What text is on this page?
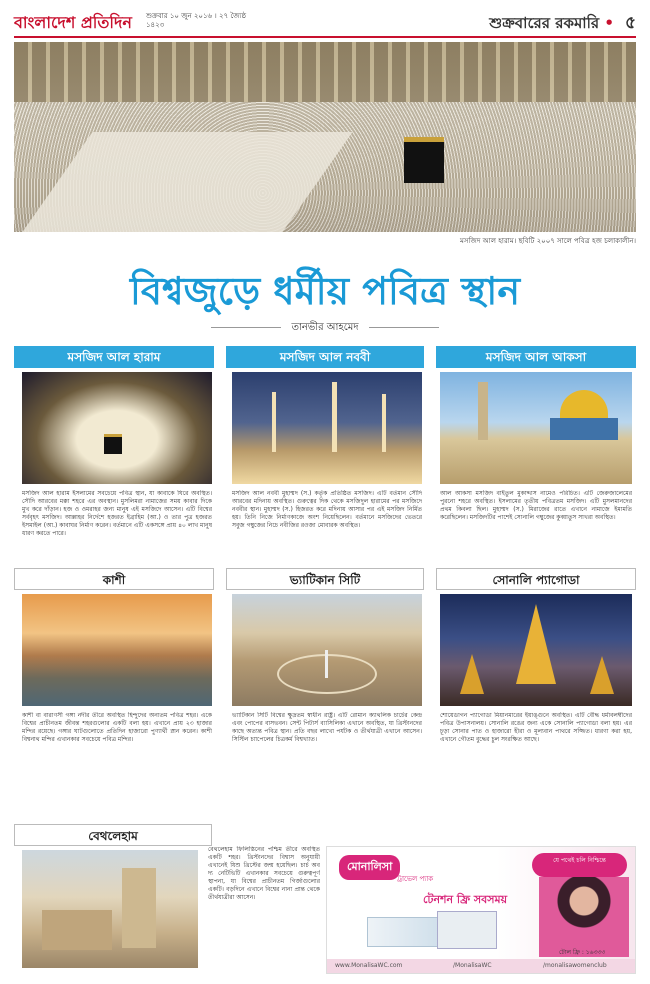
বাংলাদেশ প্রতিদিন শুক্রবার ১০ জুন ২০১৬ । ২৭ জ্যৈষ্ঠ ১৪২৩	শুক্রবারের রকমারি • ৫
মসজিদ আল হারাম। ছবিটি ২০০৭ সালে পবিত্র হজ চলাকালীন।
বিশ্বজুড়ে ধর্মীয় পবিত্র স্থান
তানভীর আহমেদ
মসজিদ আল হারাম
মসজিদ আল হারাম ইসলামের সবচেয়ে পবিত্র স্থান, যা কাবাকে ঘিরে অবস্থিত। সৌদি আরবের মক্কা শহরে এর অবস্থান। মুসলিমরা নামাজের সময় কাবার দিকে মুখ করে দাঁড়ান। হজ ও ওমরাহর জন্য মানুষ এই মসজিদে আসেন। এটি বিশ্বের সর্ববৃহৎ মসজিদ। আল্লাহর নির্দেশে হজরত ইব্রাহিম (আ.) ও তার পুত্র হজরত ইসমাইল (আ.) কাবাঘর নির্মাণ করেন। বর্তমানে এটি একসঙ্গে প্রায় ৪০ লাখ মানুষ ধারণ করতে পারে।
মসজিদ আল নববী
মসজিদ আল নববী মুহাম্মদ (স.) কর্তৃক প্রতিষ্ঠিত মসজিদ। এটি বর্তমান সৌদি আরবের মদিনায় অবস্থিত। গুরুত্বের দিক থেকে মসজিদুল হারামের পর মসজিদে নববীর স্থান। মুহাম্মদ (স.) হিজরত করে মদিনায় আসার পর এই মসজিদ নির্মিত হয়। তিনি নিজে নির্মাণকাজে অংশ নিয়েছিলেন। বর্তমানে মসজিদের ভেতরে সবুজ গম্বুজের নিচে নবীজির রওজা মোবারক অবস্থিত।
মসজিদ আল আকসা
আল আকসা মসজিদ বাইতুল মুকাদ্দাস নামেও পরিচিত। এটি জেরুজালেমের পুরনো শহরে অবস্থিত। ইসলামের তৃতীয় পবিত্রতম মসজিদ। এটি মুসলমানদের প্রথম কিবলা ছিল। মুহাম্মদ (স.) মিরাজের রাতে এখানে নামাজে ইমামতি করেছিলেন। মসজিদটির পাশেই সোনালি গম্বুজের কুব্বাতুস সাখরা অবস্থিত।
কাশী
কাশী বা বারাণসী গঙ্গা নদীর তীরে অবস্থিত হিন্দুদের অন্যতম পবিত্র শহর। একে বিশ্বের প্রাচীনতম জীবন্ত শহরগুলোর একটি বলা হয়। এখানে প্রায় ২৩ হাজার মন্দির রয়েছে। গঙ্গার ঘাটগুলোতে প্রতিদিন হাজারো পুণ্যার্থী স্নান করেন। কাশী বিশ্বনাথ মন্দির এখানকার সবচেয়ে পবিত্র মন্দির।
ভ্যাটিকান সিটি
ভ্যাটিকান সিটি বিশ্বের ক্ষুদ্রতম স্বাধীন রাষ্ট্র। এটি রোমান ক্যাথলিক চার্চের কেন্দ্র এবং পোপের বাসভবন। সেন্ট পিটার্স ব্যাসিলিকা এখানে অবস্থিত, যা খ্রিস্টানদের কাছে অত্যন্ত পবিত্র স্থান। প্রতি বছর লাখো পর্যটক ও তীর্থযাত্রী এখানে আসেন। সিস্টিন চ্যাপেলের চিত্রকর্ম বিশ্বখ্যাত।
সোনালি প্যাগোডা
শোয়েডাগন প্যাগোডা মিয়ানমারের ইয়াঙ্গুনে অবস্থিত। এটি বৌদ্ধ ধর্মাবলম্বীদের পবিত্র উপাসনালয়। সোনালি রঙের জন্য একে সোনালি প্যাগোডা বলা হয়। এর চূড়া সোনার পাত ও হাজারো হীরা ও মূল্যবান পাথরে সজ্জিত। ধারণা করা হয়, এখানে গৌতম বুদ্ধের চুল সংরক্ষিত আছে।
বেথলেহাম
বেথলেহাম ফিলিস্তিনের পশ্চিম তীরে অবস্থিত একটি শহর। খ্রিস্টানদের বিশ্বাস অনুযায়ী এখানেই যিশু খ্রিস্টের জন্ম হয়েছিল। চার্চ অব দ্য নেটিভিটি এখানকার সবচেয়ে গুরুত্বপূর্ণ স্থাপনা, যা বিশ্বের প্রাচীনতম গির্জাগুলোর একটি। বড়দিনে এখানে বিশ্বের নানা প্রান্ত থেকে তীর্থযাত্রীরা আসেন।
মোনালিসা
ট্রাভেল প্যাক
টেনশন ফ্রি সবসময়
যে পথেই চলি নিশ্চিন্তে
টোল ফ্রি : ১৬৩৩৩
www.MonalisaWC.com	/MonalisaWC	/monalisawomenclub
